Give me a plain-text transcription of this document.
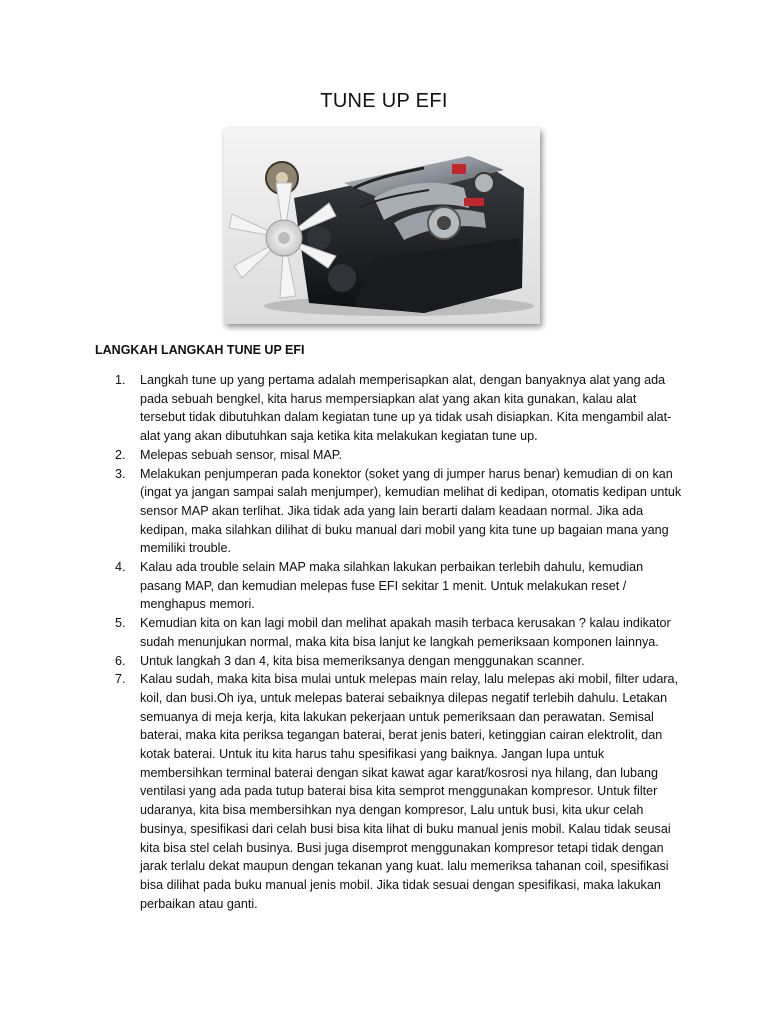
TUNE UP EFI
LANGKAH LANGKAH TUNE UP EFI
1. Langkah tune up yang pertama adalah memperisapkan alat, dengan banyaknya alat yang ada pada sebuah bengkel, kita harus mempersiapkan alat yang akan kita gunakan, kalau alat tersebut tidak dibutuhkan dalam kegiatan tune up ya tidak usah disiapkan. Kita mengambil alat-alat yang akan dibutuhkan saja ketika kita melakukan kegiatan tune up.
2. Melepas sebuah sensor, misal MAP.
3. Melakukan penjumperan pada konektor (soket yang di jumper harus benar) kemudian di on kan (ingat ya jangan sampai salah menjumper), kemudian melihat di kedipan, otomatis kedipan untuk sensor MAP akan terlihat. Jika tidak ada yang lain berarti dalam keadaan normal. Jika ada kedipan, maka silahkan dilihat di buku manual dari mobil yang kita tune up bagaian mana yang memiliki trouble.
4. Kalau ada trouble selain MAP maka silahkan lakukan perbaikan terlebih dahulu, kemudian pasang MAP, dan kemudian melepas fuse EFI sekitar 1 menit. Untuk melakukan reset / menghapus memori.
5. Kemudian kita on kan lagi mobil dan melihat apakah masih terbaca kerusakan ? kalau indikator sudah menunjukan normal, maka kita bisa lanjut ke langkah pemeriksaan komponen lainnya.
6. Untuk langkah 3 dan 4, kita bisa memeriksanya dengan menggunakan scanner.
7. Kalau sudah, maka kita bisa mulai untuk melepas main relay, lalu melepas aki mobil, filter udara, koil, dan busi.Oh iya, untuk melepas baterai sebaiknya dilepas negatif terlebih dahulu. Letakan semuanya di meja kerja, kita lakukan pekerjaan untuk pemeriksaan dan perawatan. Semisal baterai, maka kita periksa tegangan baterai, berat jenis bateri, ketinggian cairan elektrolit, dan kotak baterai. Untuk itu kita harus tahu spesifikasi yang baiknya. Jangan lupa untuk membersihkan terminal baterai dengan sikat kawat agar karat/kosrosi nya hilang, dan lubang ventilasi yang ada pada tutup baterai bisa kita semprot menggunakan kompresor. Untuk filter udaranya, kita bisa membersihkan nya dengan kompresor, Lalu untuk busi, kita ukur celah businya, spesifikasi dari celah busi bisa kita lihat di buku manual jenis mobil. Kalau tidak seusai kita bisa stel celah businya. Busi juga disemprot menggunakan kompresor tetapi tidak dengan jarak terlalu dekat maupun dengan tekanan yang kuat. lalu memeriksa tahanan coil, spesifikasi bisa dilihat pada buku manual jenis mobil. Jika tidak sesuai dengan spesifikasi, maka lakukan perbaikan atau ganti.
